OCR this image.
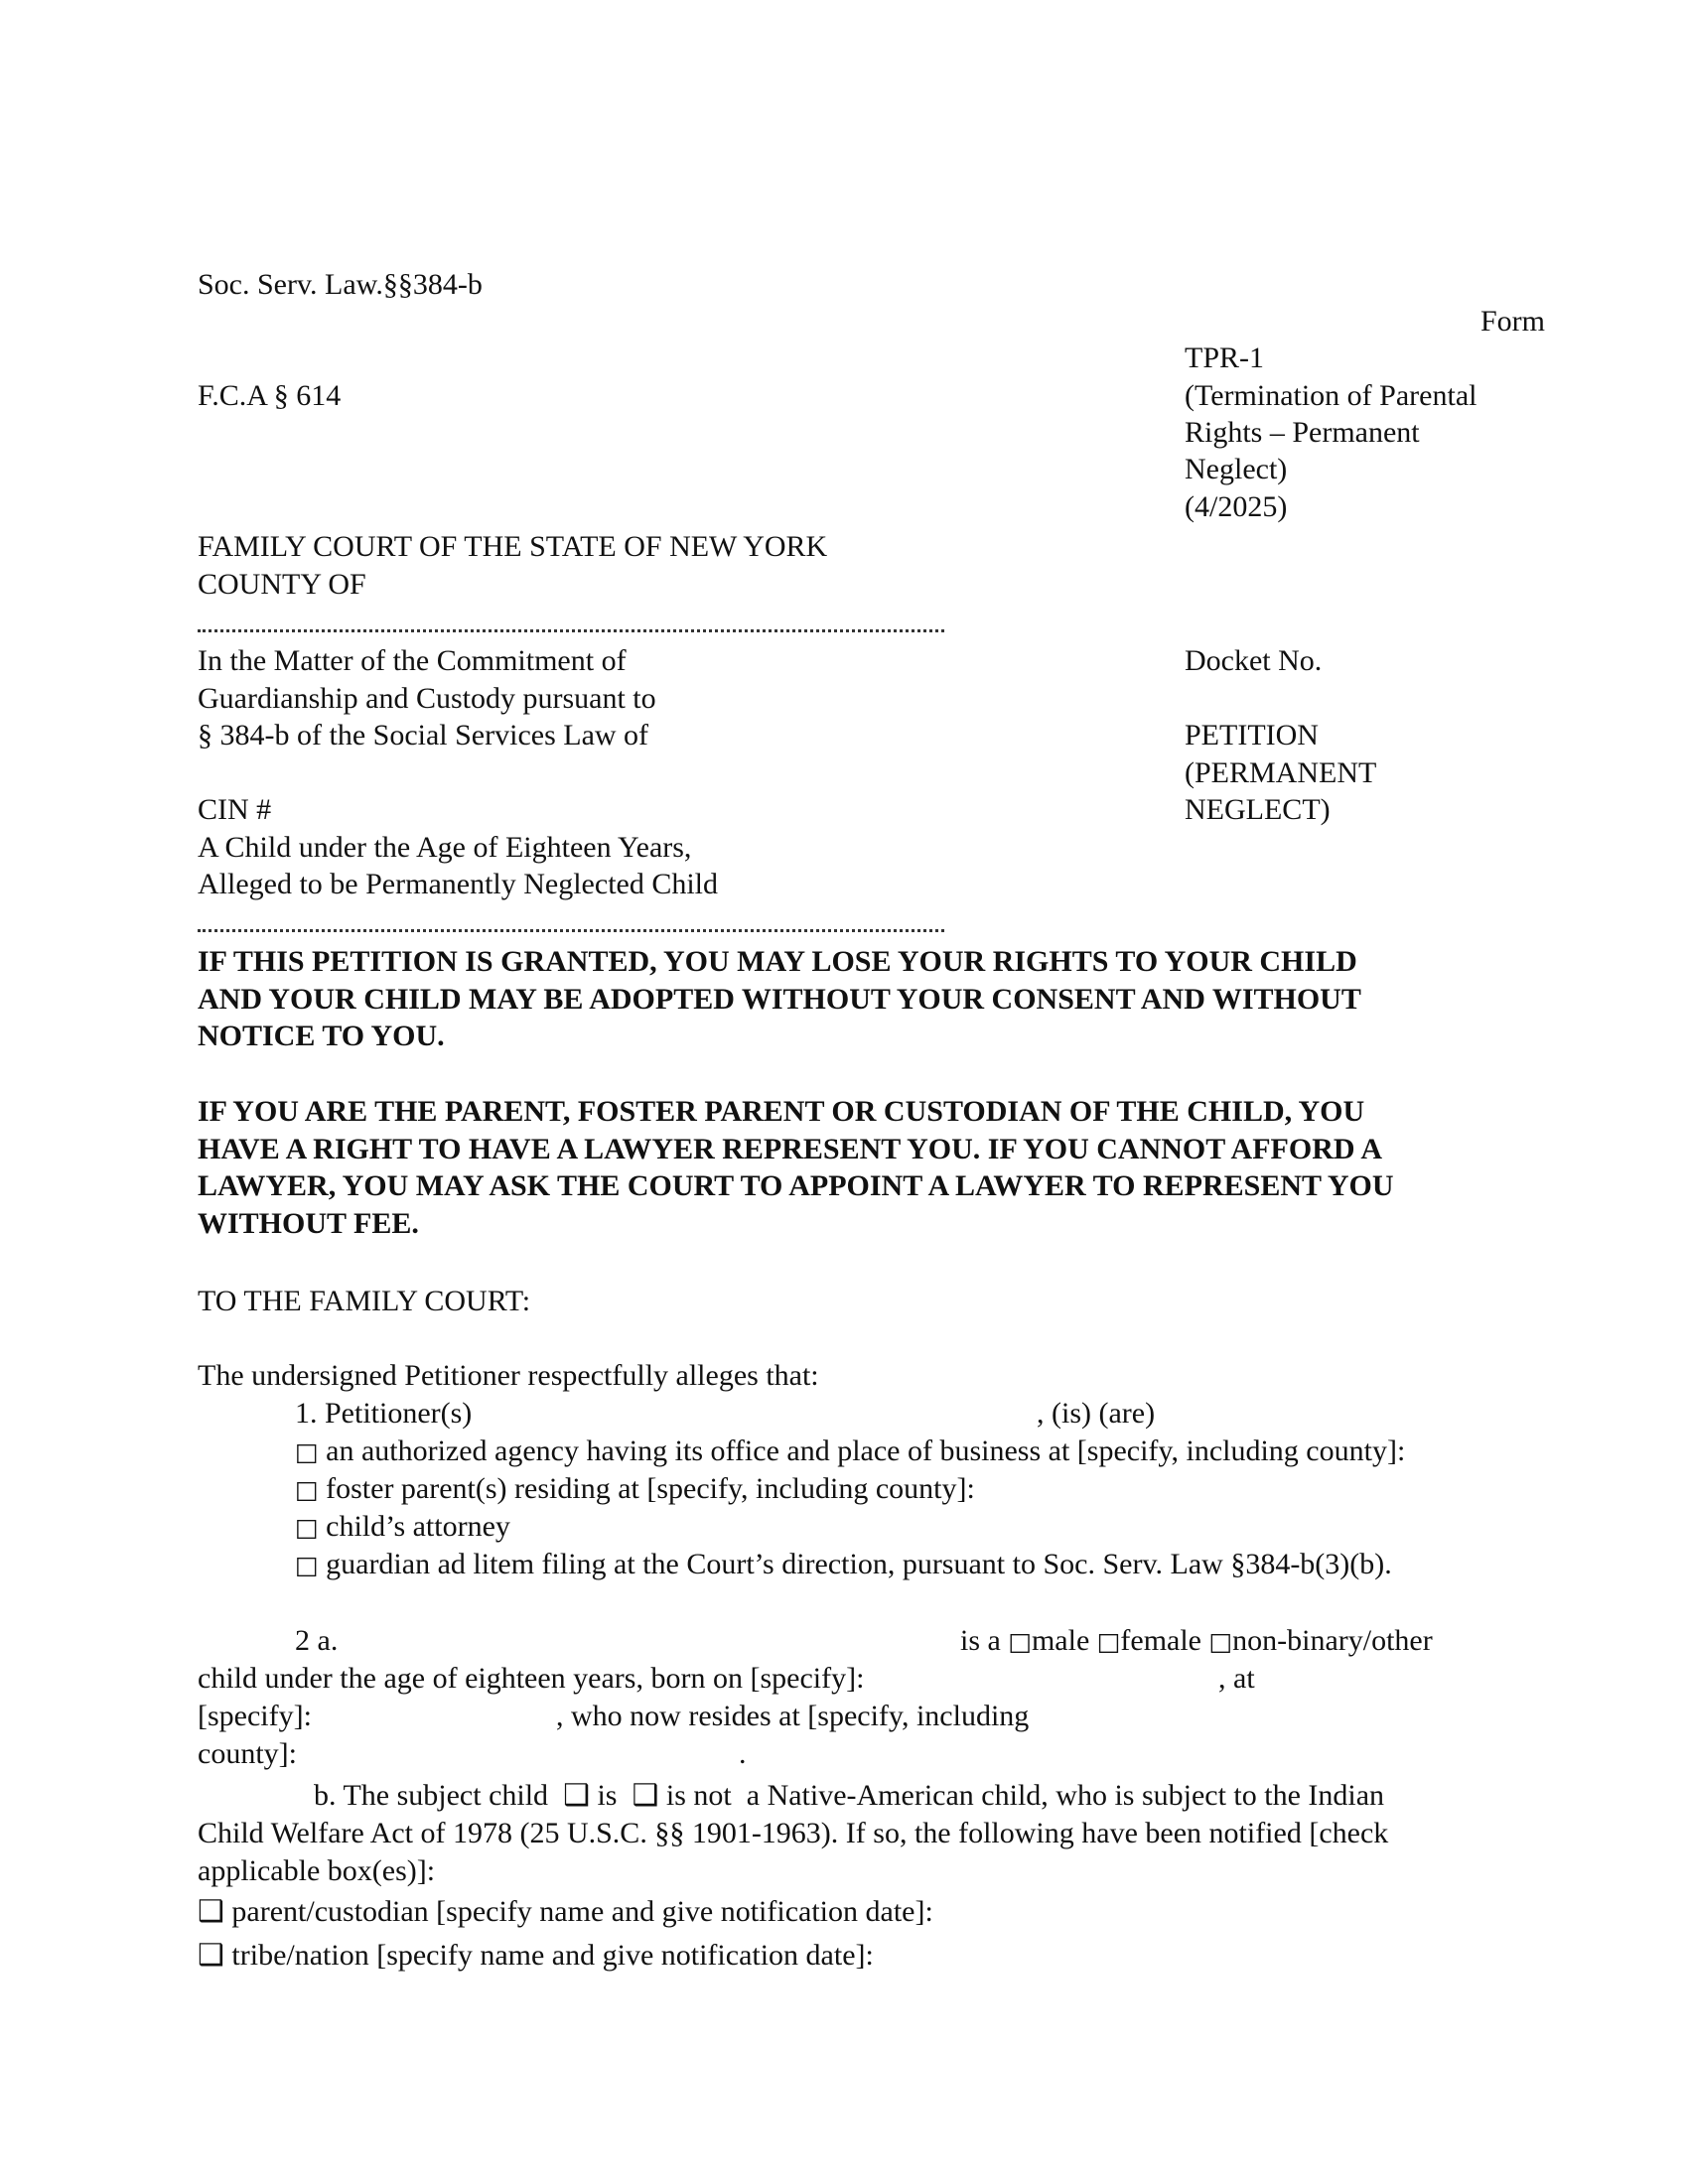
Soc. Serv. Law.§§384-b
Form
TPR-1
F.C.A § 614	(Termination of Parental
Rights – Permanent
Neglect)
(4/2025)
FAMILY COURT OF THE STATE OF NEW YORK
COUNTY OF
In the Matter of the Commitment of	Docket No.
Guardianship and Custody pursuant to
§ 384-b of the Social Services Law of	PETITION
(PERMANENT
CIN #	NEGLECT)
A Child under the Age of Eighteen Years,
Alleged to be Permanently Neglected Child
IF THIS PETITION IS GRANTED, YOU MAY LOSE YOUR RIGHTS TO YOUR CHILD
AND YOUR CHILD MAY BE ADOPTED WITHOUT YOUR CONSENT AND WITHOUT
NOTICE TO YOU.
IF YOU ARE THE PARENT, FOSTER PARENT OR CUSTODIAN OF THE CHILD, YOU
HAVE A RIGHT TO HAVE A LAWYER REPRESENT YOU. IF YOU CANNOT AFFORD A
LAWYER, YOU MAY ASK THE COURT TO APPOINT A LAWYER TO REPRESENT YOU
WITHOUT FEE.
TO THE FAMILY COURT:
The undersigned Petitioner respectfully alleges that:
1. Petitioner(s)	, (is) (are)
□ an authorized agency having its office and place of business at [specify, including county]:
□ foster parent(s) residing at [specify, including county]:
□ child’s attorney
□ guardian ad litem filing at the Court’s direction, pursuant to Soc. Serv. Law §384-b(3)(b).
2 a.	is a □male □female □non-binary/other
child under the age of eighteen years, born on [specify]:	, at
[specify]:	, who now resides at [specify, including
county]:	.
b. The subject child ❑ is ❑ is not a Native-American child, who is subject to the Indian
Child Welfare Act of 1978 (25 U.S.C. §§ 1901-1963). If so, the following have been notified [check
applicable box(es)]:
❑ parent/custodian [specify name and give notification date]:
❑ tribe/nation [specify name and give notification date]:
